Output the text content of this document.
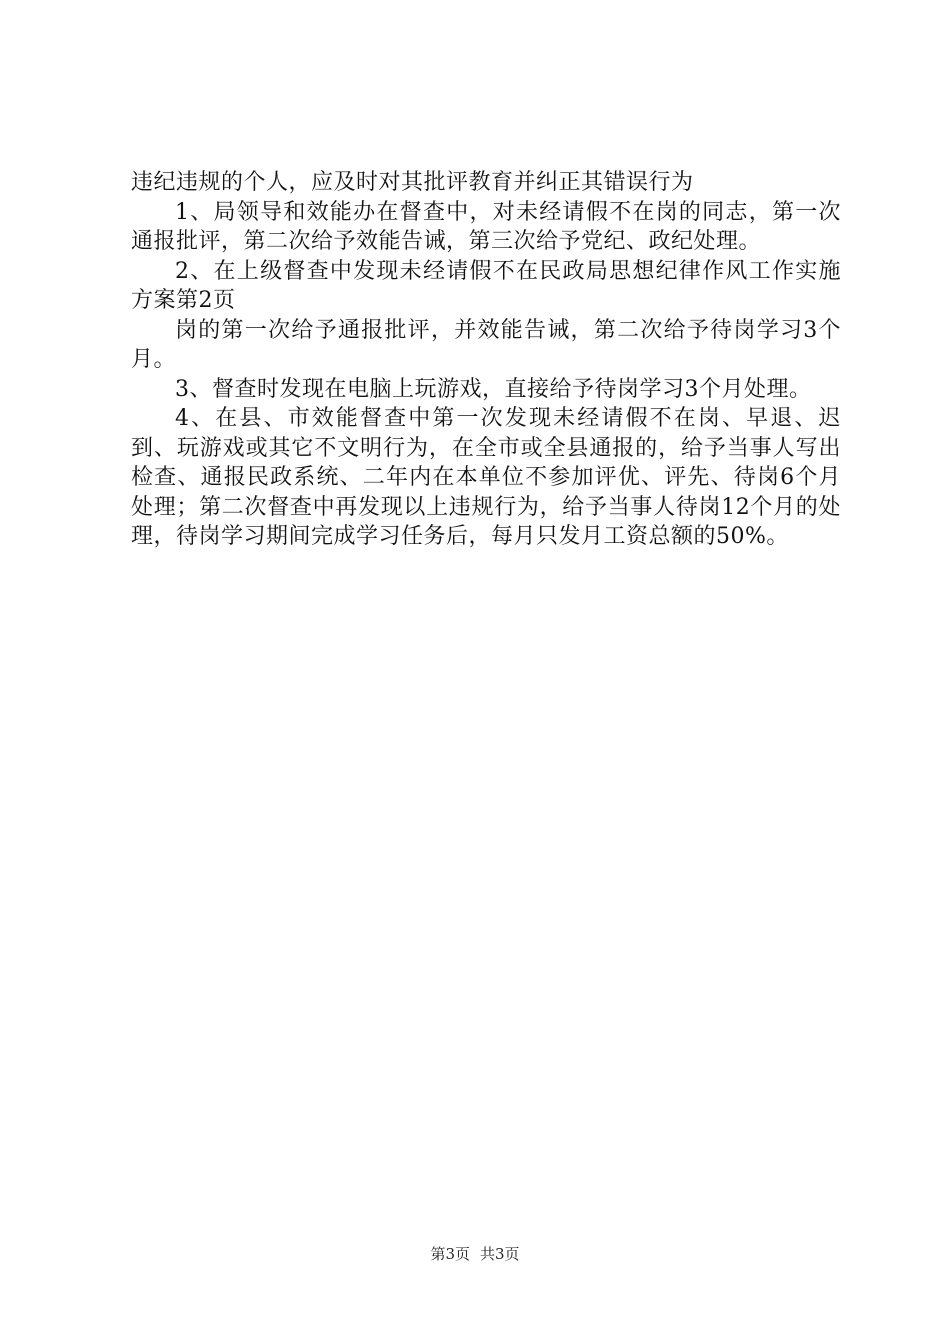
违纪违规的个人，应及时对其批评教育并纠正其错误行为

1、局领导和效能办在督查中，对未经请假不在岗的同志，第一次通报批评，第二次给予效能告诫，第三次给予党纪、政纪处理。

2、在上级督查中发现未经请假不在民政局思想纪律作风工作实施方案第2页

岗的第一次给予通报批评，并效能告诫，第二次给予待岗学习3个月。

3、督查时发现在电脑上玩游戏，直接给予待岗学习3个月处理。

4、在县、市效能督查中第一次发现未经请假不在岗、早退、迟到、玩游戏或其它不文明行为，在全市或全县通报的，给予当事人写出检查、通报民政系统、二年内在本单位不参加评优、评先、待岗6个月处理；第二次督查中再发现以上违规行为，给予当事人待岗12个月的处理，待岗学习期间完成学习任务后，每月只发月工资总额的50%。

第3页 共3页
